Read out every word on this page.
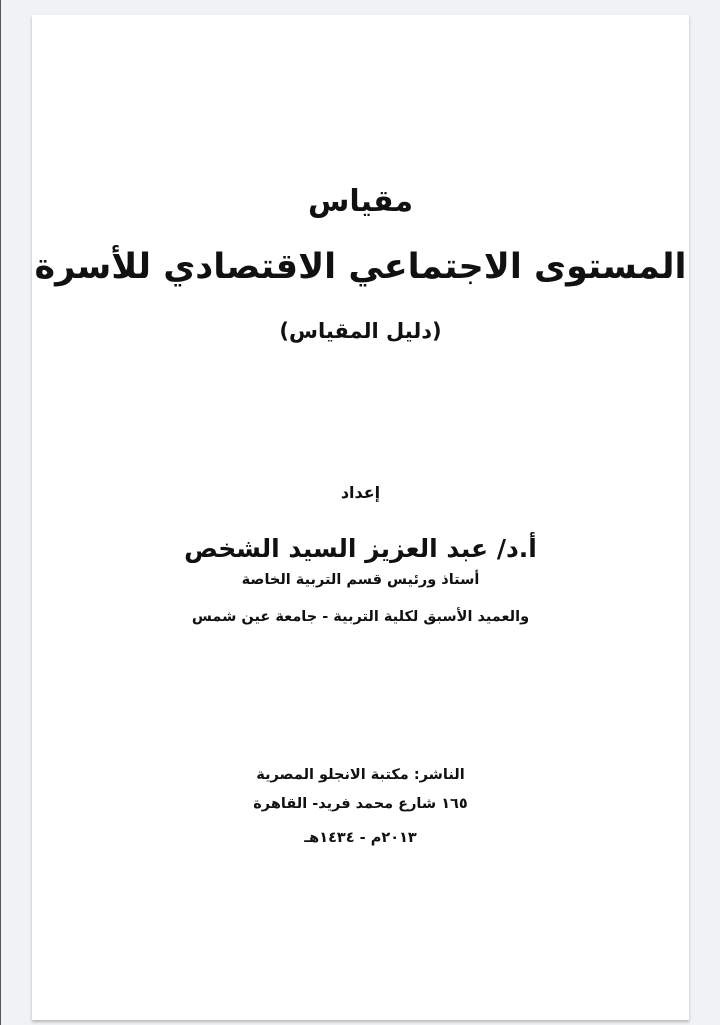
مقياس
المستوى الاجتماعي الاقتصادي للأسرة
(دليل المقياس)
إعداد
أ.د/ عبد العزيز السيد الشخص
أستاذ ورئيس قسم التربية الخاصة
والعميد الأسبق لكلية التربية - جامعة عين شمس
الناشر: مكتبة الانجلو المصرية
١٦٥ شارع محمد فريد- القاهرة
٢٠١٣م - ١٤٣٤هـ
